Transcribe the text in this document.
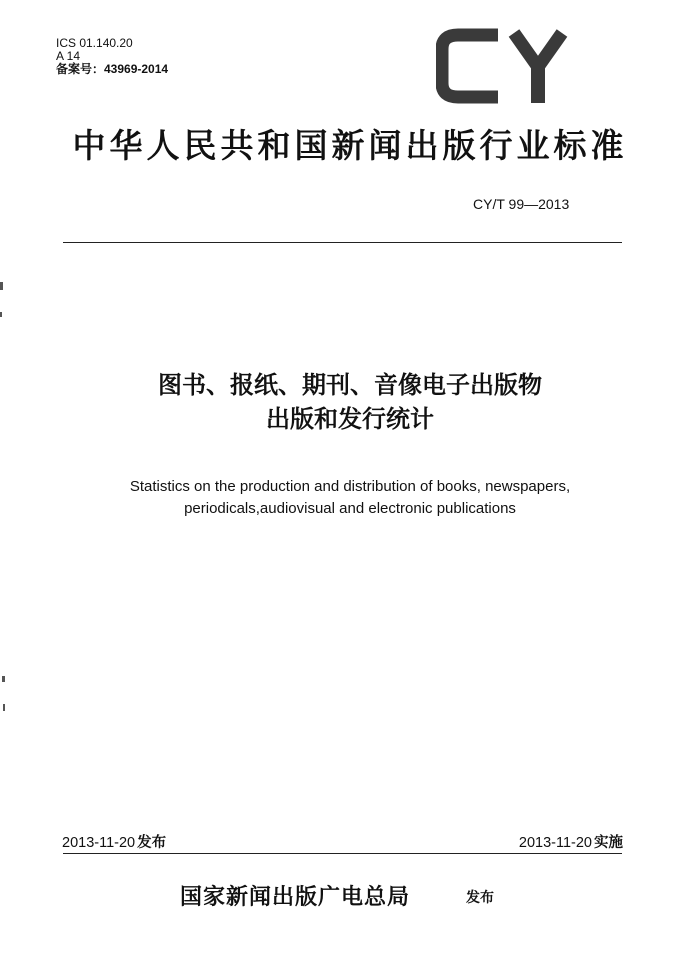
ICS 01.140.20
A 14
备案号：43969-2014
中华人民共和国新闻出版行业标准
CY/T 99—2013
图书、报纸、期刊、音像电子出版物
出版和发行统计
Statistics on the production and distribution of books, newspapers,
periodicals,audiovisual and electronic publications
2013-11-20 发布	2013-11-20 实施
国家新闻出版广电总局	发布
